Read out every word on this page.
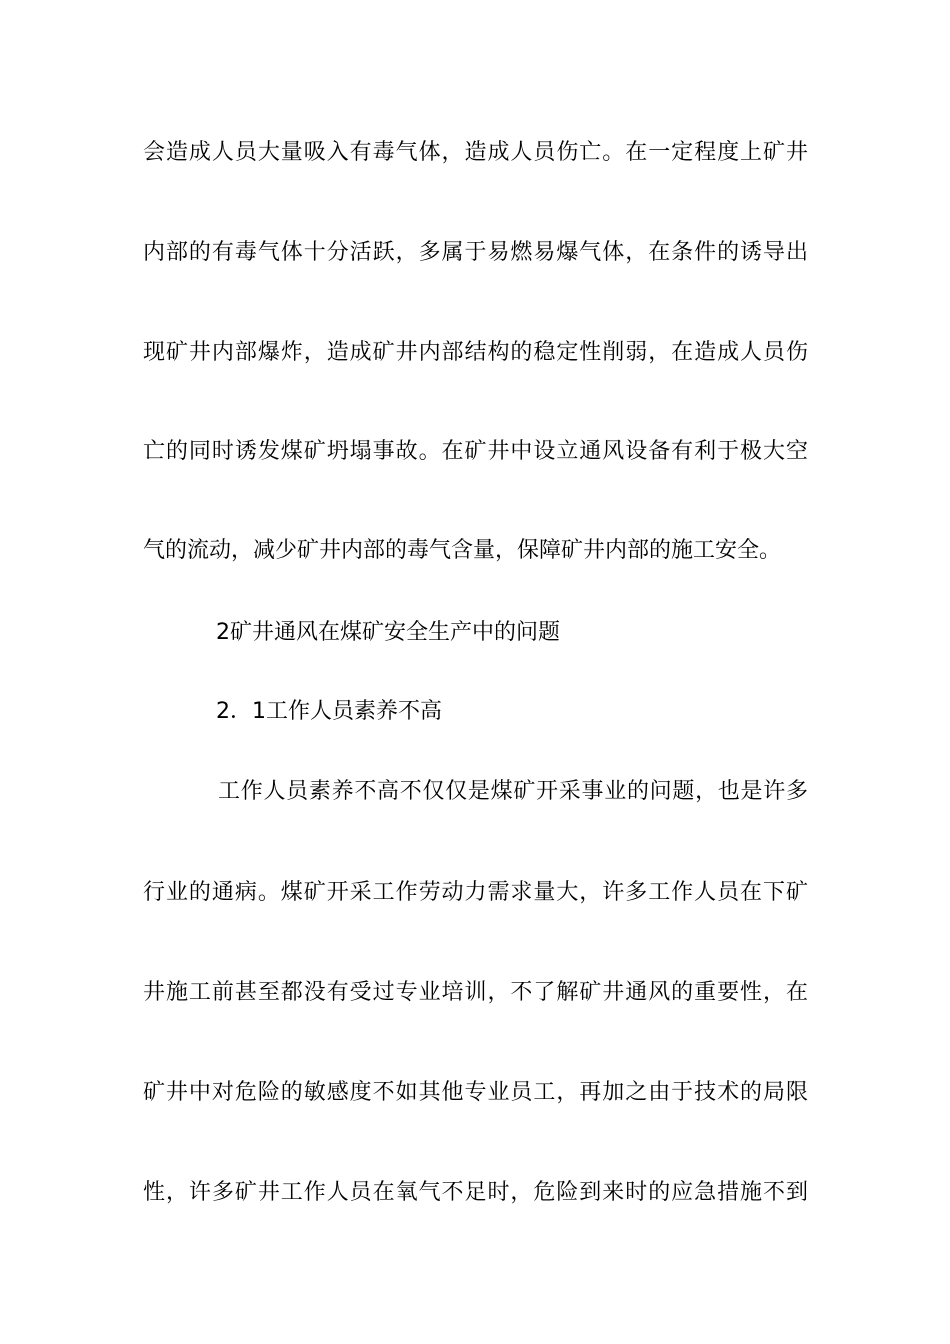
会造成人员大量吸入有毒气体，造成人员伤亡。在一定程度上矿井
内部的有毒气体十分活跃，多属于易燃易爆气体，在条件的诱导出
现矿井内部爆炸，造成矿井内部结构的稳定性削弱，在造成人员伤
亡的同时诱发煤矿坍塌事故。在矿井中设立通风设备有利于极大空
气的流动，减少矿井内部的毒气含量，保障矿井内部的施工安全。
2矿井通风在煤矿安全生产中的问题
2．1工作人员素养不高
工作人员素养不高不仅仅是煤矿开采事业的问题，也是许多
行业的通病。煤矿开采工作劳动力需求量大，许多工作人员在下矿
井施工前甚至都没有受过专业培训，不了解矿井通风的重要性，在
矿井中对危险的敏感度不如其他专业员工，再加之由于技术的局限
性，许多矿井工作人员在氧气不足时，危险到来时的应急措施不到
